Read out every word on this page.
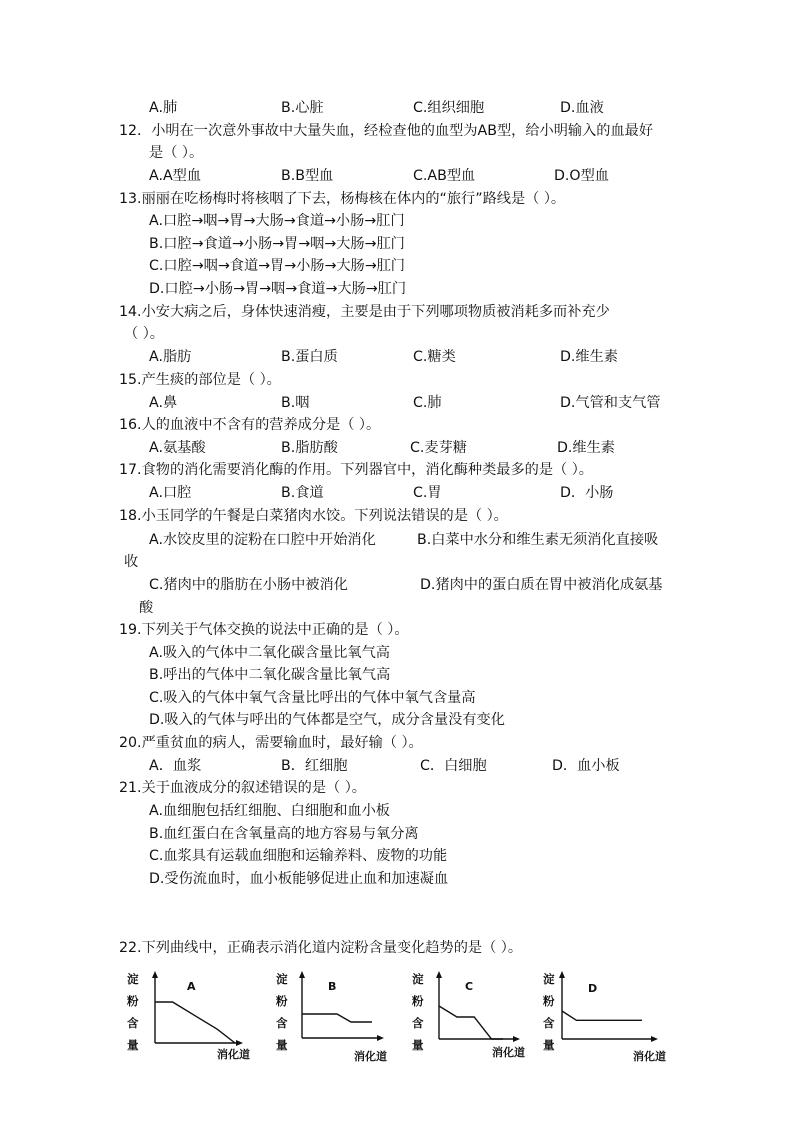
A.肺	B.心脏	C.组织细胞	D.血液
12．小明在一次意外事故中大量失血，经检查他的血型为AB型，给小明输入的血最好
是（ ）。
A.A型血	B.B型血	C.AB型血	D.O型血
13.丽丽在吃杨梅时将核咽了下去，杨梅核在体内的“旅行”路线是（ ）。
A.口腔→咽→胃→大肠→食道→小肠→肛门
B.口腔→食道→小肠→胃→咽→大肠→肛门
C.口腔→咽→食道→胃→小肠→大肠→肛门
D.口腔→小肠→胃→咽→食道→大肠→肛门
14.小安大病之后，身体快速消瘦，主要是由于下列哪项物质被消耗多而补充少
（ ）。
A.脂肪	B.蛋白质	C.糖类	D.维生素
15.产生痰的部位是（ ）。
A.鼻	B.咽	C.肺	D.气管和支气管
16.人的血液中不含有的营养成分是（ ）。
A.氨基酸	B.脂肪酸	C.麦芽糖	D.维生素
17.食物的消化需要消化酶的作用。下列器官中，消化酶种类最多的是（ ）。
A.口腔	B.食道	C.胃	D．小肠
18.小玉同学的午餐是白菜猪肉水饺。下列说法错误的是（ ）。
A.水饺皮里的淀粉在口腔中开始消化	B.白菜中水分和维生素无须消化直接吸
收
C.猪肉中的脂肪在小肠中被消化	D.猪肉中的蛋白质在胃中被消化成氨基
酸
19.下列关于气体交换的说法中正确的是（ ）。
A.吸入的气体中二氧化碳含量比氧气高
B.呼出的气体中二氧化碳含量比氧气高
C.吸入的气体中氧气含量比呼出的气体中氧气含量高
D.吸入的气体与呼出的气体都是空气，成分含量没有变化
20.严重贫血的病人，需要输血时，最好输（ ）。
A．血浆	B．红细胞	C．白细胞	D．血小板
21.关于血液成分的叙述错误的是（ ）。
A.血细胞包括红细胞、白细胞和血小板
B.血红蛋白在含氧量高的地方容易与氧分离
C.血浆具有运载血细胞和运输养料、废物的功能
D.受伤流血时，血小板能够促进止血和加速凝血
22.下列曲线中，正确表示消化道内淀粉含量变化趋势的是（ ）。
淀
粉
含
量
A
消化道
淀
粉
含
量
B
消化道
淀
粉
含
量
C
消化道
淀
粉
含
量
D
消化道
